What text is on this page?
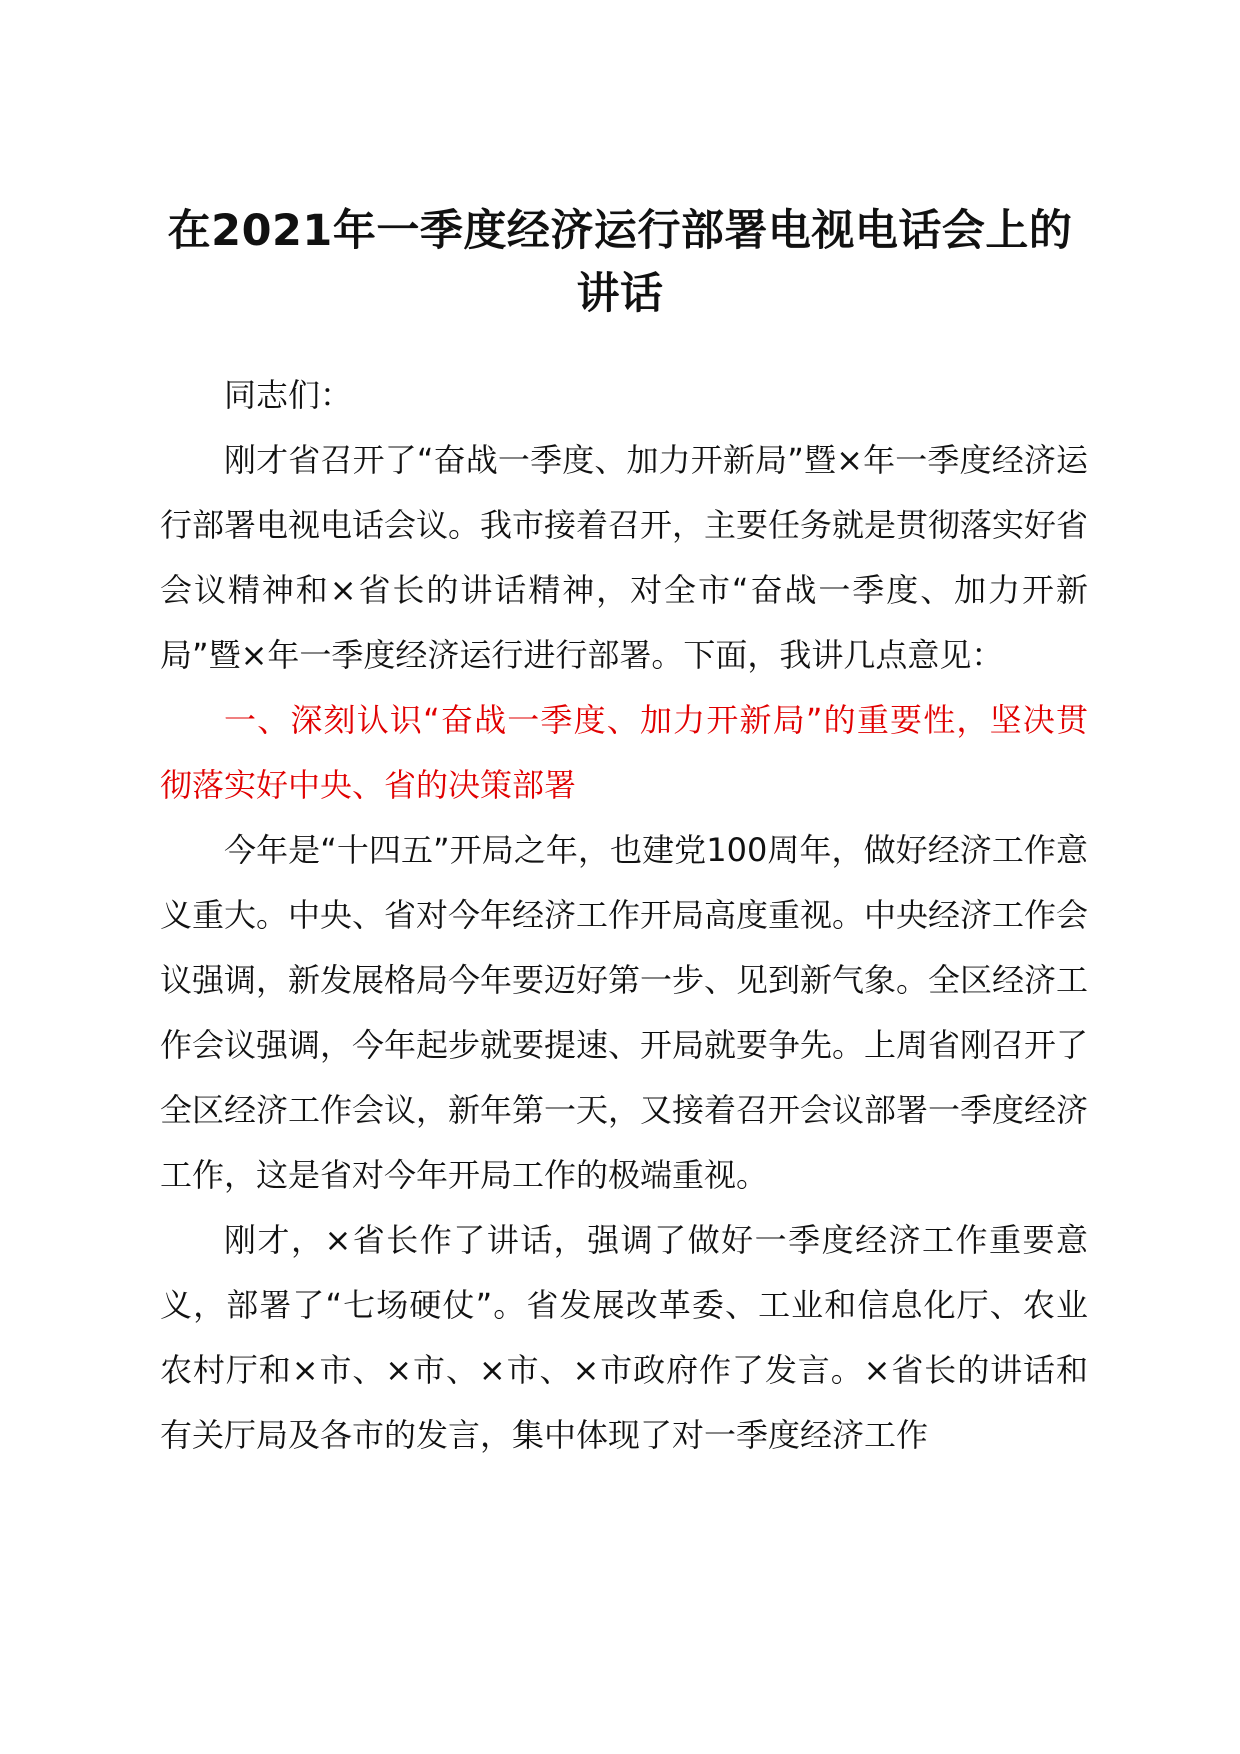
在2021年一季度经济运行部署电视电话会上的讲话

同志们：

刚才省召开了“奋战一季度、加力开新局”暨×年一季度经济运行部署电视电话会议。我市接着召开，主要任务就是贯彻落实好省会议精神和×省长的讲话精神，对全市“奋战一季度、加力开新局”暨×年一季度经济运行进行部署。下面，我讲几点意见：

一、深刻认识“奋战一季度、加力开新局”的重要性，坚决贯彻落实好中央、省的决策部署

今年是“十四五”开局之年，也建党100周年，做好经济工作意义重大。中央、省对今年经济工作开局高度重视。中央经济工作会议强调，新发展格局今年要迈好第一步、见到新气象。全区经济工作会议强调，今年起步就要提速、开局就要争先。上周省刚召开了全区经济工作会议，新年第一天，又接着召开会议部署一季度经济工作，这是省对今年开局工作的极端重视。

刚才，×省长作了讲话，强调了做好一季度经济工作重要意义，部署了“七场硬仗”。省发展改革委、工业和信息化厅、农业农村厅和×市、×市、×市、×市政府作了发言。×省长的讲话和有关厅局及各市的发言，集中体现了对一季度经济工作
